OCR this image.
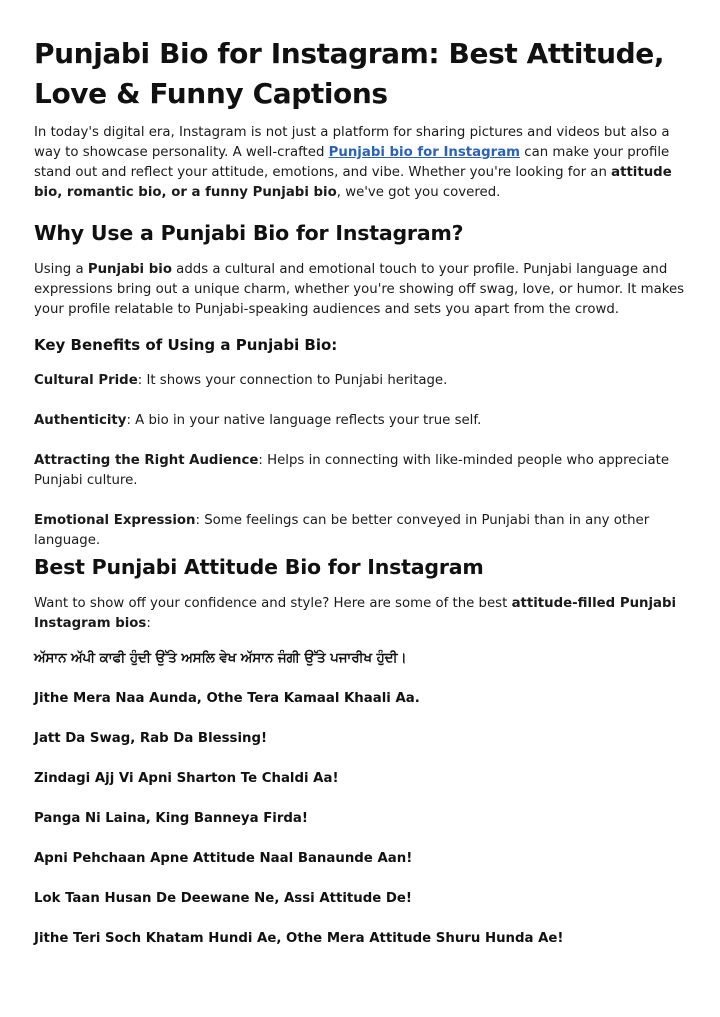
Punjabi Bio for Instagram: Best Attitude, Love & Funny Captions

In today's digital era, Instagram is not just a platform for sharing pictures and videos but also a way to showcase personality. A well-crafted Punjabi bio for Instagram can make your profile stand out and reflect your attitude, emotions, and vibe. Whether you're looking for an attitude bio, romantic bio, or a funny Punjabi bio, we've got you covered.

Why Use a Punjabi Bio for Instagram?

Using a Punjabi bio adds a cultural and emotional touch to your profile. Punjabi language and expressions bring out a unique charm, whether you're showing off swag, love, or humor. It makes your profile relatable to Punjabi-speaking audiences and sets you apart from the crowd.

Key Benefits of Using a Punjabi Bio:

Cultural Pride: It shows your connection to Punjabi heritage.

Authenticity: A bio in your native language reflects your true self.

Attracting the Right Audience: Helps in connecting with like-minded people who appreciate Punjabi culture.

Emotional Expression: Some feelings can be better conveyed in Punjabi than in any other language.

Best Punjabi Attitude Bio for Instagram

Want to show off your confidence and style? Here are some of the best attitude-filled Punjabi Instagram bios:

ਅੱਸਾਨ ਅੱਪੀ ਕਾਫੀ ਹੁੰਦੀ ਉੱਤੇ ਅਸਲਿ ਵੇਖ ਅੱਸਾਨ ਜੰਗੀ ਉੱਤੇ ਪਜਾਰੀਖ ਹੁੰਦੀ।

Jithe Mera Naa Aunda, Othe Tera Kamaal Khaali Aa.

Jatt Da Swag, Rab Da Blessing!

Zindagi Ajj Vi Apni Sharton Te Chaldi Aa!

Panga Ni Laina, King Banneya Firda!

Apni Pehchaan Apne Attitude Naal Banaunde Aan!

Lok Taan Husan De Deewane Ne, Assi Attitude De!

Jithe Teri Soch Khatam Hundi Ae, Othe Mera Attitude Shuru Hunda Ae!
